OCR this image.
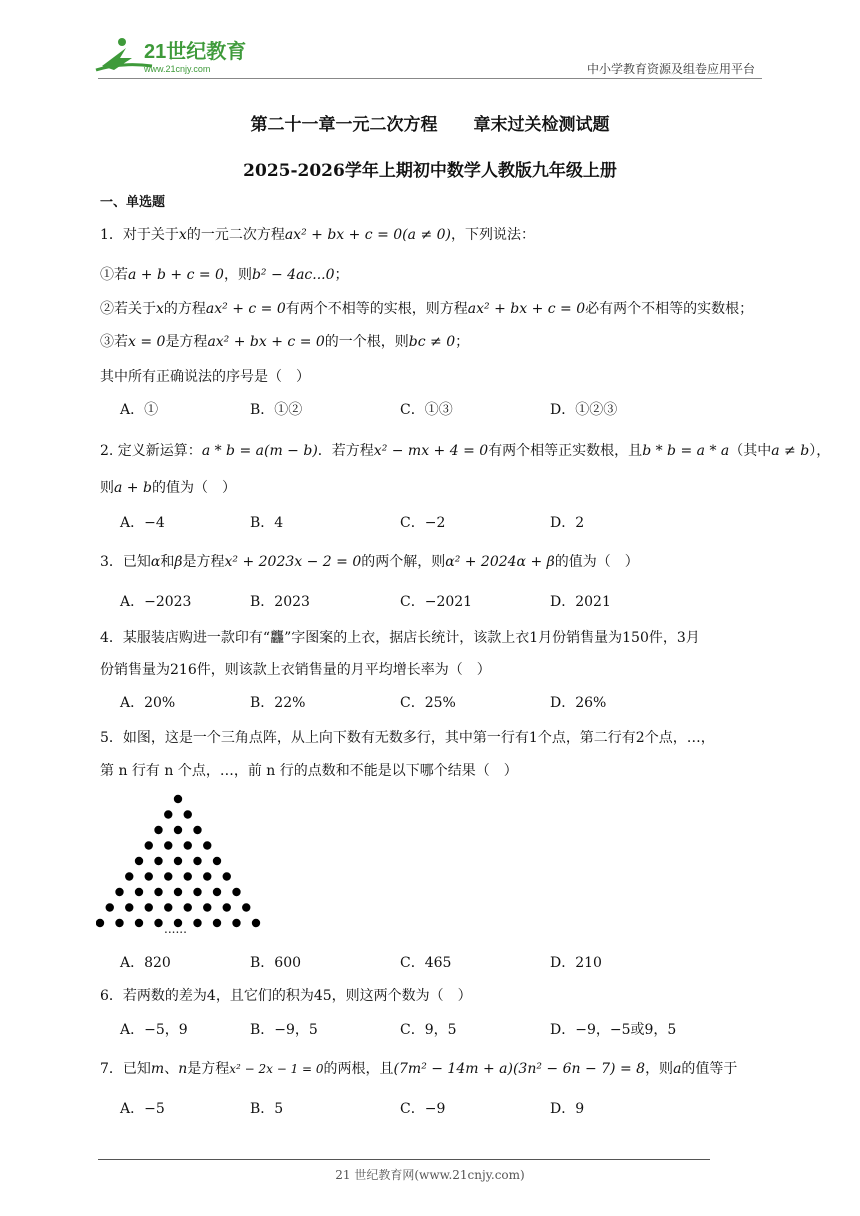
21世纪教育
www.21cnjy.com	中小学教育资源及组卷应用平台
第二十一章一元二次方程 章末过关检测试题
2025-2026学年上期初中数学人教版九年级上册
一、单选题
1．对于关于x的一元二次方程ax² + bx + c = 0(a ≠ 0)，下列说法：
①若a + b + c = 0，则b² − 4ac...0；
②若关于x的方程ax² + c = 0有两个不相等的实根，则方程ax² + bx + c = 0必有两个不相等的实数根；
③若x = 0是方程ax² + bx + c = 0的一个根，则bc ≠ 0；
其中所有正确说法的序号是（　）
A．①	B．①②	C．①③	D．①②③
2. 定义新运算：a * b = a(m − b)．若方程x² − mx + 4 = 0有两个相等正实数根，且b * b = a * a（其中a ≠ b），
则a + b的值为（　）
A．−4	B．4	C．−2	D．2
3．已知α和β是方程x² + 2023x − 2 = 0的两个解，则α² + 2024α + β的值为（　）
A．−2023	B．2023	C．−2021	D．2021
4．某服装店购进一款印有“龘”字图案的上衣，据店长统计，该款上衣1月份销售量为150件，3月
份销售量为216件，则该款上衣销售量的月平均增长率为（　）
A．20%	B．22%	C．25%	D．26%
5．如图，这是一个三角点阵，从上向下数有无数多行，其中第一行有1个点，第二行有2个点，…，
第 n 行有 n 个点，…，前 n 行的点数和不能是以下哪个结果（　）
......
A．820	B．600	C．465	D．210
6．若两数的差为4，且它们的积为45，则这两个数为（　）
A．−5，9	B．−9，5	C．9，5	D．−9，−5或9，5
7．已知m、n是方程x² − 2x − 1 = 0的两根，且(7m² − 14m + a)(3n² − 6n − 7) = 8，则a的值等于
A．−5	B．5	C．−9	D．9
21 世纪教育网(www.21cnjy.com)
